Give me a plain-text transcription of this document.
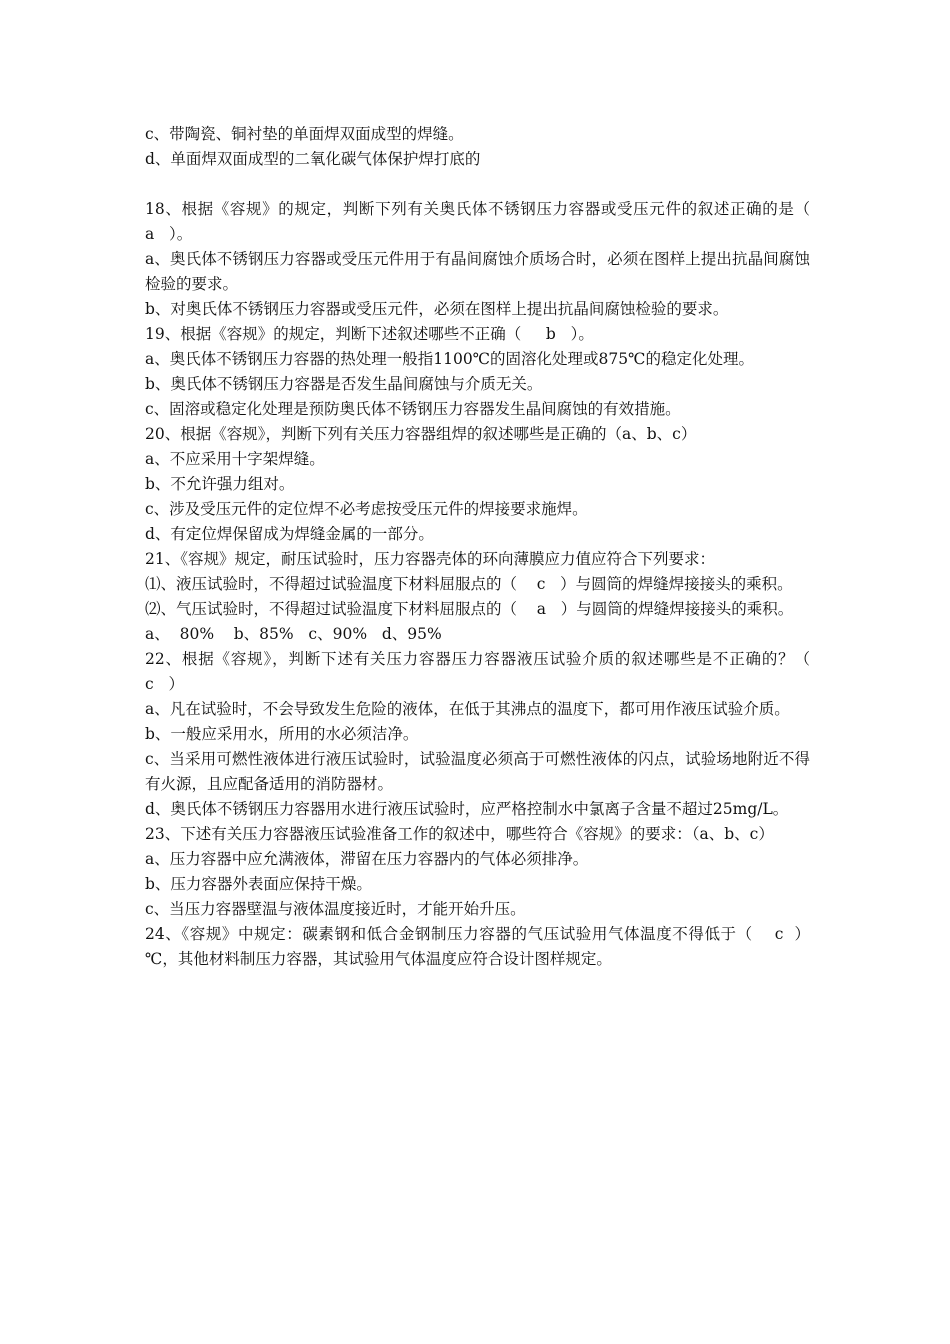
c、带陶瓷、铜衬垫的单面焊双面成型的焊缝。

d、单面焊双面成型的二氧化碳气体保护焊打底的

18、根据《容规》的规定，判断下列有关奥氏体不锈钢压力容器或受压元件的叙述正确的是（     a   ）。

a、奥氏体不锈钢压力容器或受压元件用于有晶间腐蚀介质场合时，必须在图样上提出抗晶间腐蚀检验的要求。

b、对奥氏体不锈钢压力容器或受压元件，必须在图样上提出抗晶间腐蚀检验的要求。

19、根据《容规》的规定，判断下述叙述哪些不正确（     b   ）。

a、奥氏体不锈钢压力容器的热处理一般指1100℃的固溶化处理或875℃的稳定化处理。

b、奥氏体不锈钢压力容器是否发生晶间腐蚀与介质无关。

c、固溶或稳定化处理是预防奥氏体不锈钢压力容器发生晶间腐蚀的有效措施。

20、根据《容规》，判断下列有关压力容器组焊的叙述哪些是正确的（a、b、c）

a、不应采用十字架焊缝。

b、不允许强力组对。

c、涉及受压元件的定位焊不必考虑按受压元件的焊接要求施焊。

d、有定位焊保留成为焊缝金属的一部分。

21、《容规》规定，耐压试验时，压力容器壳体的环向薄膜应力值应符合下列要求：

⑴、液压试验时，不得超过试验温度下材料屈服点的（    c   ）与圆筒的焊缝焊接接头的乘积。

⑵、气压试验时，不得超过试验温度下材料屈服点的（    a   ）与圆筒的焊缝焊接接头的乘积。

a、  80%    b、85%   c、90%   d、95%

22、根据《容规》，判断下述有关压力容器压力容器液压试验介质的叙述哪些是不正确的？（      c   ）

a、凡在试验时，不会导致发生危险的液体，在低于其沸点的温度下，都可用作液压试验介质。

b、一般应采用水，所用的水必须洁净。

c、当采用可燃性液体进行液压试验时，试验温度必须高于可燃性液体的闪点，试验场地附近不得有火源，且应配备适用的消防器材。

d、奥氏体不锈钢压力容器用水进行液压试验时，应严格控制水中氯离子含量不超过25mg/L。

23、下述有关压力容器液压试验准备工作的叙述中，哪些符合《容规》的要求：（a、b、c）

a、压力容器中应允满液体，滞留在压力容器内的气体必须排净。

b、压力容器外表面应保持干燥。

c、当压力容器壁温与液体温度接近时，才能开始升压。

24、《容规》中规定：碳素钢和低合金钢制压力容器的气压试验用气体温度不得低于（    c  ）℃，其他材料制压力容器，其试验用气体温度应符合设计图样规定。
